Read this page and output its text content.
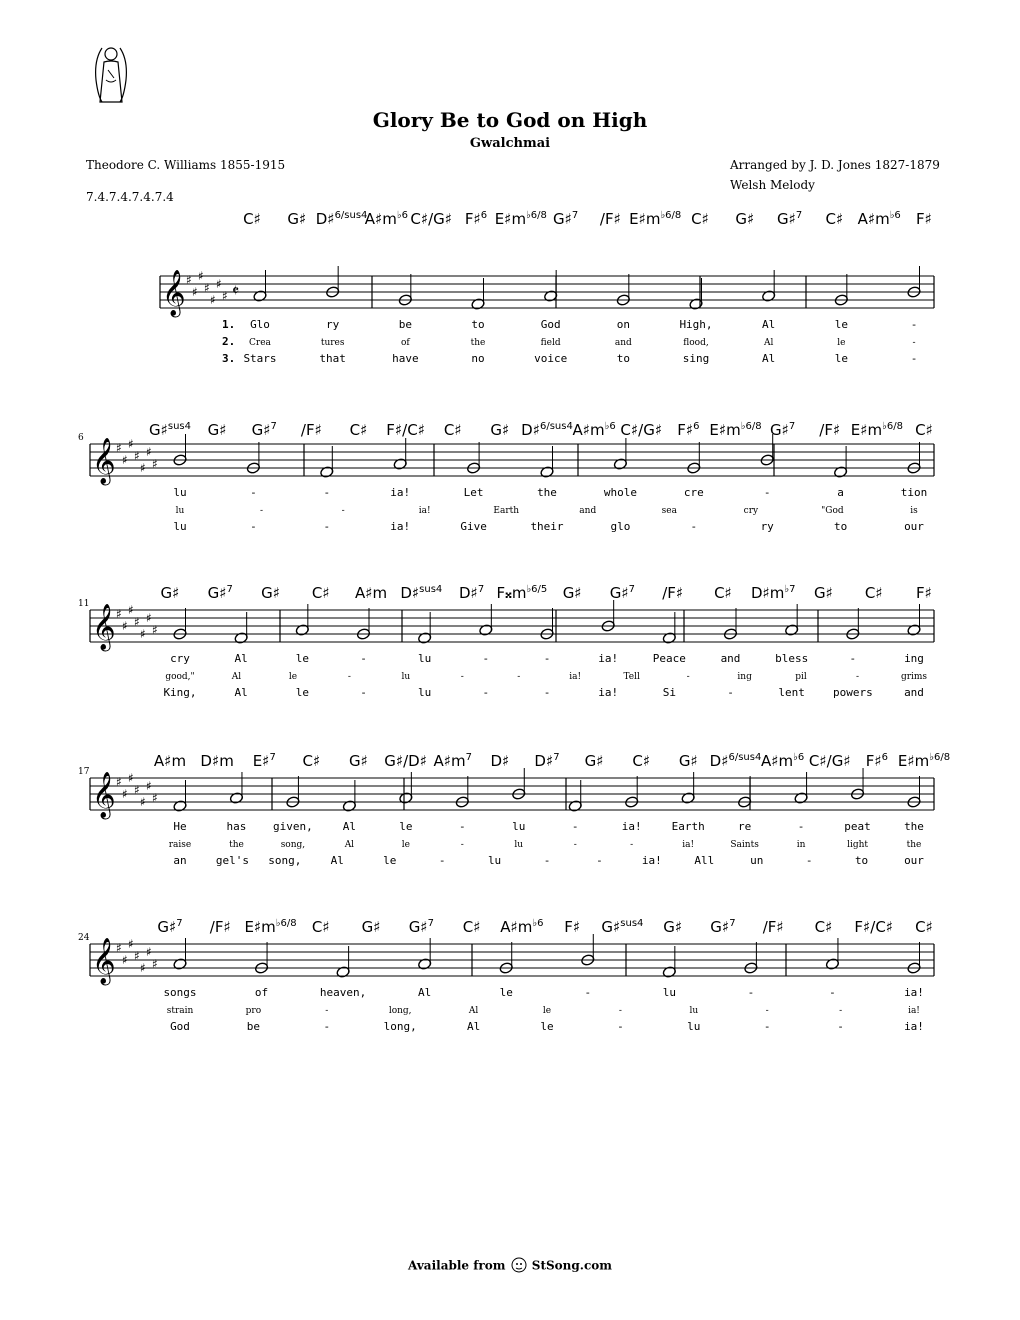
Glory Be to God on High
Gwalchmai
Theodore C. Williams 1855-1915
7.4.7.4.7.4.7.4
Arranged by J. D. Jones 1827-1879
Welsh Melody
𝄞 ♯
♯
♯
♯
♯
♯
♯ 𝄵
C♯ G♯ D♯$^{6/sus4}$
$A♯m^{♭6}$ C♯/G♯ F♯$^6$ $E♯m^{♭6/8}$ G♯$^7$ /F♯ $E♯m^{♭6/8}$ C♯ G♯ G♯$^7$ C♯ $A♯m^{♭6}$ F♯
1.
2.
3.
Glo	ry	be	to	God	on	High,	Al	le	-
Crea	tures	of	the	field	and	flood,	Al	le	-
Stars	that	have	no	voice	to	sing	Al	le	-
𝄞 ♯
♯
♯
♯
♯
♯
♯
6	G♯$^{sus4}$ G♯ G♯$^7$ /F♯ C♯ F♯/C♯ C♯ G♯ D♯$^{6/sus4}$ $A♯m^{♭6}$ C♯/G♯ F♯$^6$ $E♯m^{♭6/8}$ G♯$^7$ /F♯ $E♯m^{♭6/8}$ C♯
lu	-	-	ia!	Let	the	whole	cre	-	a	tion
lu	-	-	ia!	Earth	and	sea	cry	"God	is
lu	-	-	ia!	Give	their	glo	-	ry	to	our
𝄞 ♯
♯
♯
♯
♯
♯
♯
11
G♯ G♯$^7$ G♯ C♯ A♯m D♯$^{sus4}$ D♯$^7$ $F𝄪m^{♭6/5}$ G♯ G♯$^7$ /F♯ C♯ $D♯m^{♭7}$ G♯ C♯ F♯
cry	Al	le	-	lu	-	-	ia!	Peace	and	bless	-	ing
good,"	Al	le	-	lu	-	-	ia!	Tell	-	ing	pil	-	grims
King,	Al	le	-	lu	-	-	ia!	Si	-	lent	powers	and
𝄞 ♯
♯
♯
♯
♯
♯
♯
17
A♯m D♯m E♯$^7$ C♯ G♯ G♯/D♯ $A♯m^7$ D♯ D♯$^7$ G♯ C♯ G♯ D♯$^{6/sus4}$ $A♯m^{♭6}$ C♯/G♯ F♯$^6$ $E♯m^{♭6/8}$
He	has given,	Al	le	-	lu	-	ia!	Earth	re	-	peat	the
raise	the	song,	Al	le	-	lu	-	-	ia!	Saints	in	light	the
an	gel's song,	Al	le	-	lu	-	-	ia!	All	un	-	to	our
𝄞 ♯
♯
♯
♯
♯
♯
♯
24
G♯$^7$ /F♯ $E♯m^{♭6/8}$ C♯ G♯ G♯$^7$ C♯ $A♯m^{♭6}$ F♯ G♯$^{sus4}$ G♯ G♯$^7$ /F♯ C♯ F♯/C♯ C♯
songs	of	heaven,	Al	le	-	lu	-	-	ia!
strain	pro	-	long,	Al	le	-	lu	-	-	ia!
God	be	-	long,	Al	le	-	lu	-	-	ia!
Available from StSong.com
